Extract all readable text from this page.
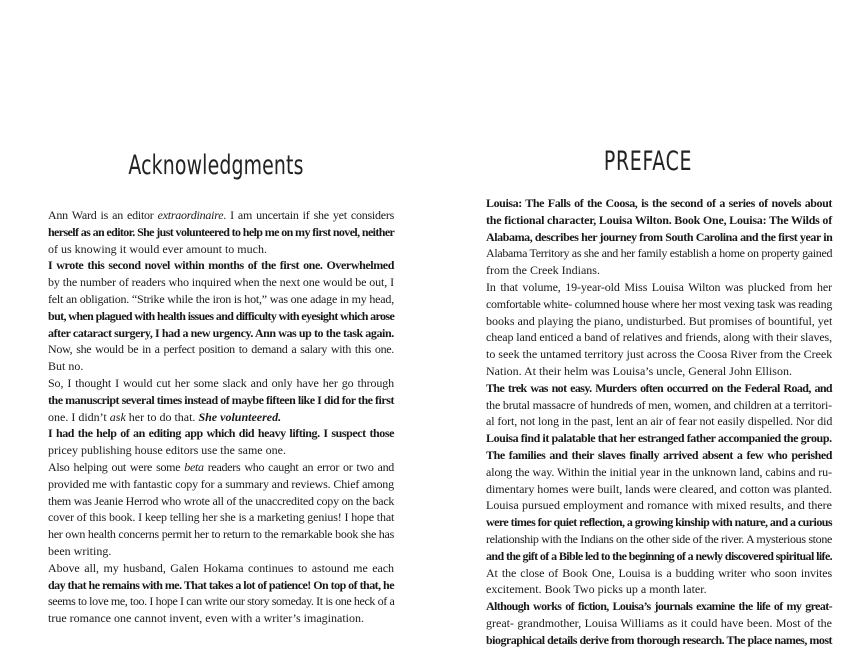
Acknowledgments

Ann Ward is an editor extraordinaire. I am uncertain if she yet considers
herself as an editor. She just volunteered to help me on my first novel, neither
of us knowing it would ever amount to much.

I wrote this second novel within months of the first one. Overwhelmed
by the number of readers who inquired when the next one would be out, I
felt an obligation. “Strike while the iron is hot,” was one adage in my head,
but, when plagued with health issues and difficulty with eyesight which arose
after cataract surgery, I had a new urgency. Ann was up to the task again.

Now, she would be in a perfect position to demand a salary with this one.
But no.

So, I thought I would cut her some slack and only have her go through
the manuscript several times instead of maybe fifteen like I did for the first
one. I didn’t ask her to do that. She volunteered.

I had the help of an editing app which did heavy lifting. I suspect those
pricey publishing house editors use the same one.

Also helping out were some beta readers who caught an error or two and
provided me with fantastic copy for a summary and reviews. Chief among
them was Jeanie Herrod who wrote all of the unaccredited copy on the back
cover of this book. I keep telling her she is a marketing genius! I hope that
her own health concerns permit her to return to the remarkable book she has
been writing.

Above all, my husband, Galen Hokama continues to astound me each
day that he remains with me. That takes a lot of patience! On top of that, he
seems to love me, too. I hope I can write our story someday. It is one heck of a
true romance one cannot invent, even with a writer’s imagination.

PREFACE

Louisa: The Falls of the Coosa, is the second of a series of novels about
the fictional character, Louisa Wilton. Book One, Louisa: The Wilds of
Alabama, describes her journey from South Carolina and the first year in
Alabama Territory as she and her family establish a home on property gained
from the Creek Indians.

In that volume, 19-year-old Miss Louisa Wilton was plucked from her
comfortable white- columned house where her most vexing task was reading
books and playing the piano, undisturbed. But promises of bountiful, yet
cheap land enticed a band of relatives and friends, along with their slaves,
to seek the untamed territory just across the Coosa River from the Creek
Nation. At their helm was Louisa’s uncle, General John Ellison.

The trek was not easy. Murders often occurred on the Federal Road, and
the brutal massacre of hundreds of men, women, and children at a territori-
al fort, not long in the past, lent an air of fear not easily dispelled. Nor did
Louisa find it palatable that her estranged father accompanied the group.

The families and their slaves finally arrived absent a few who perished
along the way. Within the initial year in the unknown land, cabins and ru-
dimentary homes were built, lands were cleared, and cotton was planted.
Louisa pursued employment and romance with mixed results, and there
were times for quiet reflection, a growing kinship with nature, and a curious
relationship with the Indians on the other side of the river. A mysterious stone
and the gift of a Bible led to the beginning of a newly discovered spiritual life.

At the close of Book One, Louisa is a budding writer who soon invites
excitement. Book Two picks up a month later.

Although works of fiction, Louisa’s journals examine the life of my great-
great- grandmother, Louisa Williams as it could have been. Most of the
biographical details derive from thorough research. The place names, most
